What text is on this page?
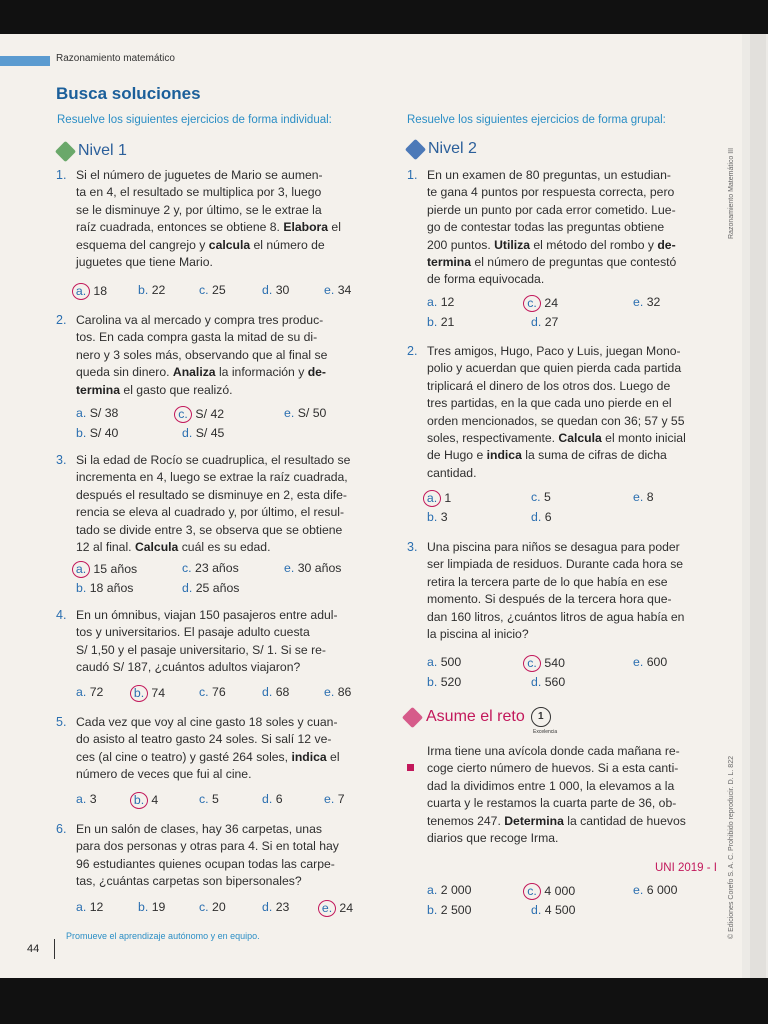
Razonamiento matemático
Busca soluciones
Resuelve los siguientes ejercicios de forma individual:	Resuelve los siguientes ejercicios de forma grupal:
Nivel 1	Nivel 2
1. Si el número de juguetes de Mario se aumen-
ta en 4, el resultado se multiplica por 3, luego
se le disminuye 2 y, por último, se le extrae la
raíz cuadrada, entonces se obtiene 8. Elabora el
esquema del cangrejo y calcula el número de
juguetes que tiene Mario.
a. 18	b. 22	c. 25	d. 30	e. 34
2. Carolina va al mercado y compra tres produc-
tos. En cada compra gasta la mitad de su di-
nero y 3 soles más, observando que al final se
queda sin dinero. Analiza la información y de-
termina el gasto que realizó.
a. S/ 38	c. S/ 42	e. S/ 50
b. S/ 40	d. S/ 45
3. Si la edad de Rocío se cuadruplica, el resultado se
incrementa en 4, luego se extrae la raíz cuadrada,
después el resultado se disminuye en 2, esta dife-
rencia se eleva al cuadrado y, por último, el resul-
tado se divide entre 3, se observa que se obtiene
12 al final. Calcula cuál es su edad.
a. 15 años	c. 23 años	e. 30 años
b. 18 años	d. 25 años
4. En un ómnibus, viajan 150 pasajeros entre adul-
tos y universitarios. El pasaje adulto cuesta
S/ 1,50 y el pasaje universitario, S/ 1. Si se re-
caudó S/ 187, ¿cuántos adultos viajaron?
a. 72 b. 74	c. 76	d. 68	e. 86
5. Cada vez que voy al cine gasto 18 soles y cuan-
do asisto al teatro gasto 24 soles. Si salí 12 ve-
ces (al cine o teatro) y gasté 264 soles, indica el
número de veces que fui al cine.
a. 3	b. 4	c. 5	d. 6	e. 7
6. En un salón de clases, hay 36 carpetas, unas
para dos personas y otras para 4. Si en total hay
96 estudiantes quienes ocupan todas las carpe-
tas, ¿cuántas carpetas son bipersonales?
a. 12	b. 19	c. 20	d. 23	e. 24
1. En un examen de 80 preguntas, un estudian-
te gana 4 puntos por respuesta correcta, pero
pierde un punto por cada error cometido. Lue-
go de contestar todas las preguntas obtiene
200 puntos. Utiliza el método del rombo y de-
termina el número de preguntas que contestó
de forma equivocada.
a. 12	c. 24	e. 32
b. 21	d. 27
2. Tres amigos, Hugo, Paco y Luis, juegan Mono-
polio y acuerdan que quien pierda cada partida
triplicará el dinero de los otros dos. Luego de
tres partidas, en la que cada uno pierde en el
orden mencionados, se quedan con 36; 57 y 55
soles, respectivamente. Calcula el monto inicial
de Hugo e indica la suma de cifras de dicha
cantidad.
a. 1	c. 5	e. 8
b. 3	d. 6
3. Una piscina para niños se desagua para poder
ser limpiada de residuos. Durante cada hora se
retira la tercera parte de lo que había en ese
momento. Si después de la tercera hora que-
dan 160 litros, ¿cuántos litros de agua había en
la piscina al inicio?
a. 500	c. 540	e. 600
b. 520	d. 560
Asume el reto	1
Excelencia
Irma tiene una avícola donde cada mañana re-
coge cierto número de huevos. Si a esta canti-
dad la dividimos entre 1 000, la elevamos a la
cuarta y le restamos la cuarta parte de 36, ob-
tenemos 247. Determina la cantidad de huevos
diarios que recoge Irma.
UNI 2019 - I
a. 2 000	c. 4 000	e. 6 000
b. 2 500	d. 4 500
Promueve el aprendizaje autónomo y en equipo.
44
Razonamiento Matemático III
© Ediciones Corefo S. A. C. Prohibido reproducir. D. L. 822
